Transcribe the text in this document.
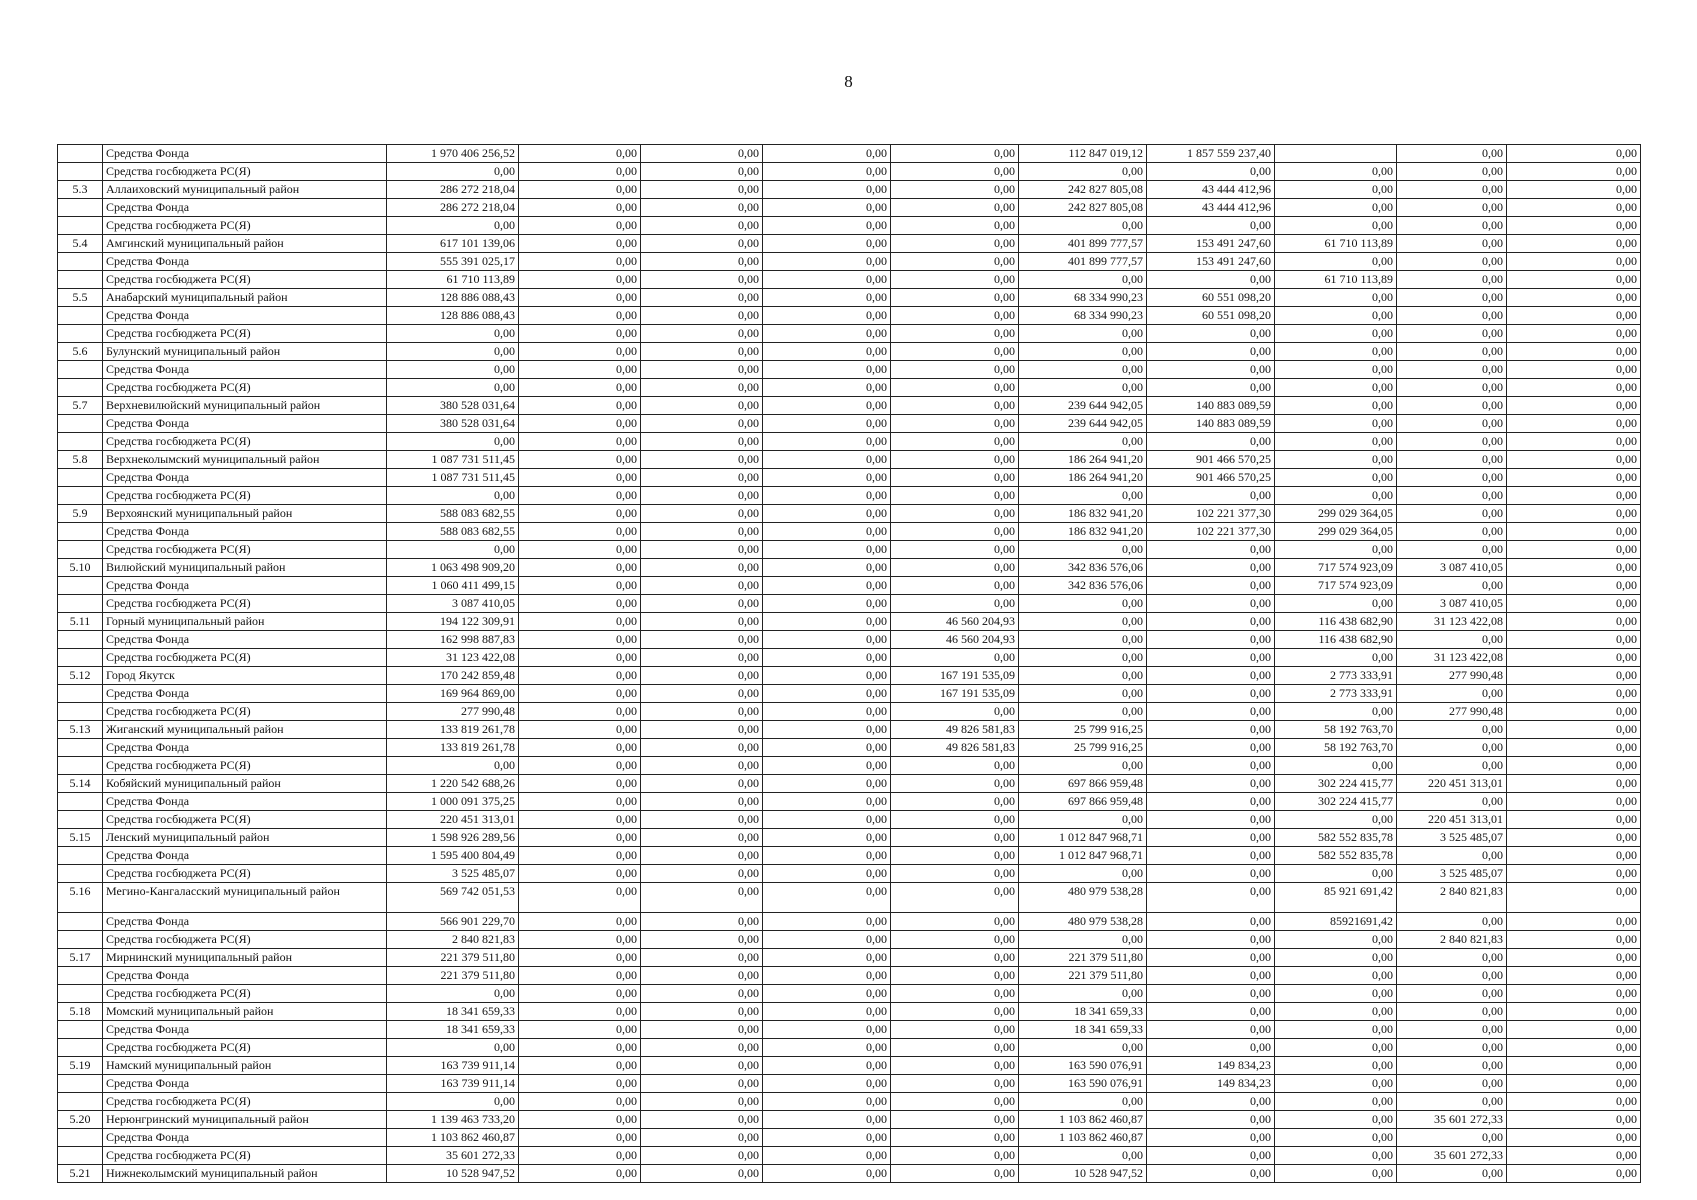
8
	Средства Фонда	1 970 406 256,52	0,00	0,00	0,00	0,00	112 847 019,12	1 857 559 237,40		0,00	0,00
	Средства госбюджета РС(Я)	0,00	0,00	0,00	0,00	0,00	0,00	0,00	0,00	0,00	0,00
5.3	Аллаиховский муниципальный район	286 272 218,04	0,00	0,00	0,00	0,00	242 827 805,08	43 444 412,96	0,00	0,00	0,00
	Средства Фонда	286 272 218,04	0,00	0,00	0,00	0,00	242 827 805,08	43 444 412,96	0,00	0,00	0,00
	Средства госбюджета РС(Я)	0,00	0,00	0,00	0,00	0,00	0,00	0,00	0,00	0,00	0,00
5.4	Амгинский муниципальный район	617 101 139,06	0,00	0,00	0,00	0,00	401 899 777,57	153 491 247,60	61 710 113,89	0,00	0,00
	Средства Фонда	555 391 025,17	0,00	0,00	0,00	0,00	401 899 777,57	153 491 247,60	0,00	0,00	0,00
	Средства госбюджета РС(Я)	61 710 113,89	0,00	0,00	0,00	0,00	0,00	0,00	61 710 113,89	0,00	0,00
5.5	Анабарский муниципальный район	128 886 088,43	0,00	0,00	0,00	0,00	68 334 990,23	60 551 098,20	0,00	0,00	0,00
	Средства Фонда	128 886 088,43	0,00	0,00	0,00	0,00	68 334 990,23	60 551 098,20	0,00	0,00	0,00
	Средства госбюджета РС(Я)	0,00	0,00	0,00	0,00	0,00	0,00	0,00	0,00	0,00	0,00
5.6	Булунский муниципальный район	0,00	0,00	0,00	0,00	0,00	0,00	0,00	0,00	0,00	0,00
	Средства Фонда	0,00	0,00	0,00	0,00	0,00	0,00	0,00	0,00	0,00	0,00
	Средства госбюджета РС(Я)	0,00	0,00	0,00	0,00	0,00	0,00	0,00	0,00	0,00	0,00
5.7	Верхневилюйский муниципальный район	380 528 031,64	0,00	0,00	0,00	0,00	239 644 942,05	140 883 089,59	0,00	0,00	0,00
	Средства Фонда	380 528 031,64	0,00	0,00	0,00	0,00	239 644 942,05	140 883 089,59	0,00	0,00	0,00
	Средства госбюджета РС(Я)	0,00	0,00	0,00	0,00	0,00	0,00	0,00	0,00	0,00	0,00
5.8	Верхнеколымский муниципальный район	1 087 731 511,45	0,00	0,00	0,00	0,00	186 264 941,20	901 466 570,25	0,00	0,00	0,00
	Средства Фонда	1 087 731 511,45	0,00	0,00	0,00	0,00	186 264 941,20	901 466 570,25	0,00	0,00	0,00
	Средства госбюджета РС(Я)	0,00	0,00	0,00	0,00	0,00	0,00	0,00	0,00	0,00	0,00
5.9	Верхоянский муниципальный район	588 083 682,55	0,00	0,00	0,00	0,00	186 832 941,20	102 221 377,30	299 029 364,05	0,00	0,00
	Средства Фонда	588 083 682,55	0,00	0,00	0,00	0,00	186 832 941,20	102 221 377,30	299 029 364,05	0,00	0,00
	Средства госбюджета РС(Я)	0,00	0,00	0,00	0,00	0,00	0,00	0,00	0,00	0,00	0,00
5.10	Вилюйский муниципальный район	1 063 498 909,20	0,00	0,00	0,00	0,00	342 836 576,06	0,00	717 574 923,09	3 087 410,05	0,00
	Средства Фонда	1 060 411 499,15	0,00	0,00	0,00	0,00	342 836 576,06	0,00	717 574 923,09	0,00	0,00
	Средства госбюджета РС(Я)	3 087 410,05	0,00	0,00	0,00	0,00	0,00	0,00	0,00	3 087 410,05	0,00
5.11	Горный муниципальный район	194 122 309,91	0,00	0,00	0,00	46 560 204,93	0,00	0,00	116 438 682,90	31 123 422,08	0,00
	Средства Фонда	162 998 887,83	0,00	0,00	0,00	46 560 204,93	0,00	0,00	116 438 682,90	0,00	0,00
	Средства госбюджета РС(Я)	31 123 422,08	0,00	0,00	0,00	0,00	0,00	0,00	0,00	31 123 422,08	0,00
5.12	Город Якутск	170 242 859,48	0,00	0,00	0,00	167 191 535,09	0,00	0,00	2 773 333,91	277 990,48	0,00
	Средства Фонда	169 964 869,00	0,00	0,00	0,00	167 191 535,09	0,00	0,00	2 773 333,91	0,00	0,00
	Средства госбюджета РС(Я)	277 990,48	0,00	0,00	0,00	0,00	0,00	0,00	0,00	277 990,48	0,00
5.13	Жиганский муниципальный район	133 819 261,78	0,00	0,00	0,00	49 826 581,83	25 799 916,25	0,00	58 192 763,70	0,00	0,00
	Средства Фонда	133 819 261,78	0,00	0,00	0,00	49 826 581,83	25 799 916,25	0,00	58 192 763,70	0,00	0,00
	Средства госбюджета РС(Я)	0,00	0,00	0,00	0,00	0,00	0,00	0,00	0,00	0,00	0,00
5.14	Кобяйский муниципальный район	1 220 542 688,26	0,00	0,00	0,00	0,00	697 866 959,48	0,00	302 224 415,77	220 451 313,01	0,00
	Средства Фонда	1 000 091 375,25	0,00	0,00	0,00	0,00	697 866 959,48	0,00	302 224 415,77	0,00	0,00
	Средства госбюджета РС(Я)	220 451 313,01	0,00	0,00	0,00	0,00	0,00	0,00	0,00	220 451 313,01	0,00
5.15	Ленский муниципальный район	1 598 926 289,56	0,00	0,00	0,00	0,00	1 012 847 968,71	0,00	582 552 835,78	3 525 485,07	0,00
	Средства Фонда	1 595 400 804,49	0,00	0,00	0,00	0,00	1 012 847 968,71	0,00	582 552 835,78	0,00	0,00
	Средства госбюджета РС(Я)	3 525 485,07	0,00	0,00	0,00	0,00	0,00	0,00	0,00	3 525 485,07	0,00
5.16	Мегино-Кангаласский муниципальный район	569 742 051,53	0,00	0,00	0,00	0,00	480 979 538,28	0,00	85 921 691,42	2 840 821,83	0,00
	Средства Фонда	566 901 229,70	0,00	0,00	0,00	0,00	480 979 538,28	0,00	85921691,42	0,00	0,00
	Средства госбюджета РС(Я)	2 840 821,83	0,00	0,00	0,00	0,00	0,00	0,00	0,00	2 840 821,83	0,00
5.17	Мирнинский муниципальный район	221 379 511,80	0,00	0,00	0,00	0,00	221 379 511,80	0,00	0,00	0,00	0,00
	Средства Фонда	221 379 511,80	0,00	0,00	0,00	0,00	221 379 511,80	0,00	0,00	0,00	0,00
	Средства госбюджета РС(Я)	0,00	0,00	0,00	0,00	0,00	0,00	0,00	0,00	0,00	0,00
5.18	Момский муниципальный район	18 341 659,33	0,00	0,00	0,00	0,00	18 341 659,33	0,00	0,00	0,00	0,00
	Средства Фонда	18 341 659,33	0,00	0,00	0,00	0,00	18 341 659,33	0,00	0,00	0,00	0,00
	Средства госбюджета РС(Я)	0,00	0,00	0,00	0,00	0,00	0,00	0,00	0,00	0,00	0,00
5.19	Намский муниципальный район	163 739 911,14	0,00	0,00	0,00	0,00	163 590 076,91	149 834,23	0,00	0,00	0,00
	Средства Фонда	163 739 911,14	0,00	0,00	0,00	0,00	163 590 076,91	149 834,23	0,00	0,00	0,00
	Средства госбюджета РС(Я)	0,00	0,00	0,00	0,00	0,00	0,00	0,00	0,00	0,00	0,00
5.20	Нерюнгринский муниципальный район	1 139 463 733,20	0,00	0,00	0,00	0,00	1 103 862 460,87	0,00	0,00	35 601 272,33	0,00
	Средства Фонда	1 103 862 460,87	0,00	0,00	0,00	0,00	1 103 862 460,87	0,00	0,00	0,00	0,00
	Средства госбюджета РС(Я)	35 601 272,33	0,00	0,00	0,00	0,00	0,00	0,00	0,00	35 601 272,33	0,00
5.21	Нижнеколымский муниципальный район	10 528 947,52	0,00	0,00	0,00	0,00	10 528 947,52	0,00	0,00	0,00	0,00
